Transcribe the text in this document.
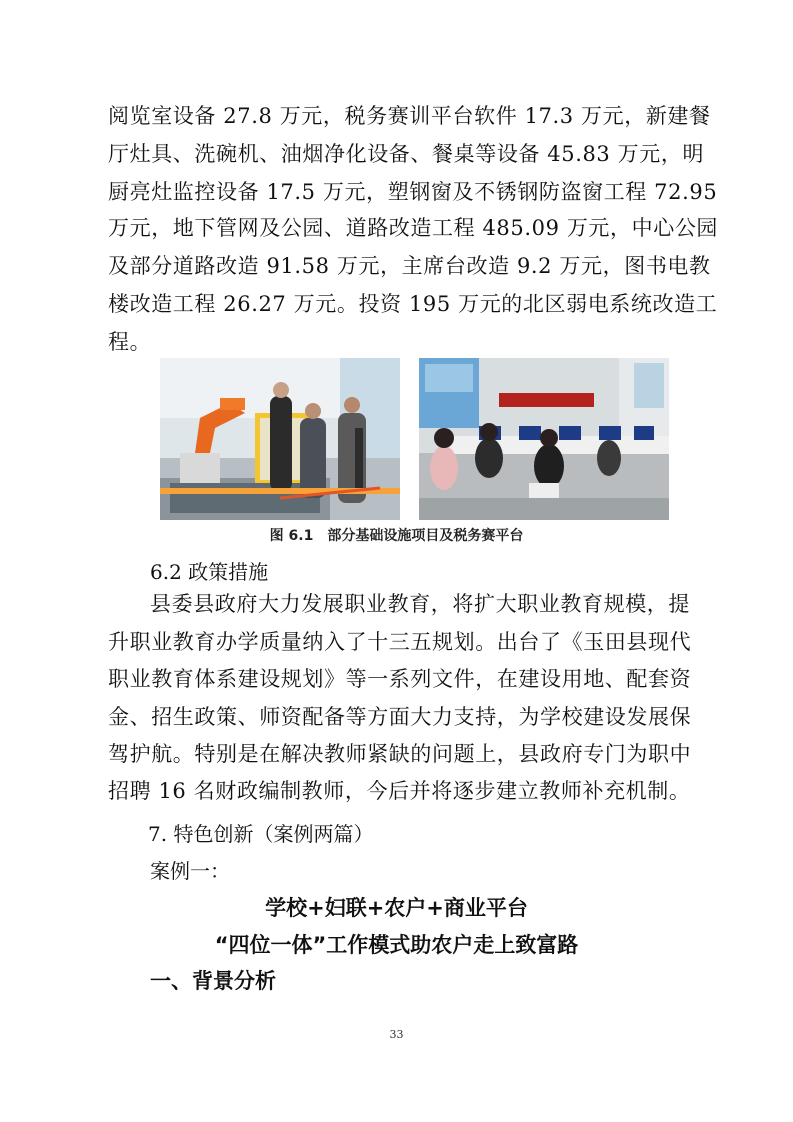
阅览室设备 27.8 万元，税务赛训平台软件 17.3 万元，新建餐
厅灶具、洗碗机、油烟净化设备、餐桌等设备 45.83 万元，明
厨亮灶监控设备 17.5 万元，塑钢窗及不锈钢防盗窗工程 72.95
万元，地下管网及公园、道路改造工程 485.09 万元，中心公园
及部分道路改造 91.58 万元，主席台改造 9.2 万元，图书电教
楼改造工程 26.27 万元。投资 195 万元的北区弱电系统改造工
程。
图 6.1　部分基础设施项目及税务赛平台
6.2 政策措施
县委县政府大力发展职业教育，将扩大职业教育规模，提
升职业教育办学质量纳入了十三五规划。出台了《玉田县现代
职业教育体系建设规划》等一系列文件，在建设用地、配套资
金、招生政策、师资配备等方面大力支持，为学校建设发展保
驾护航。特别是在解决教师紧缺的问题上，县政府专门为职中
招聘 16 名财政编制教师，今后并将逐步建立教师补充机制。
7. 特色创新（案例两篇）
案例一：
学校+妇联+农户+商业平台
“四位一体”工作模式助农户走上致富路
一、背景分析
33
